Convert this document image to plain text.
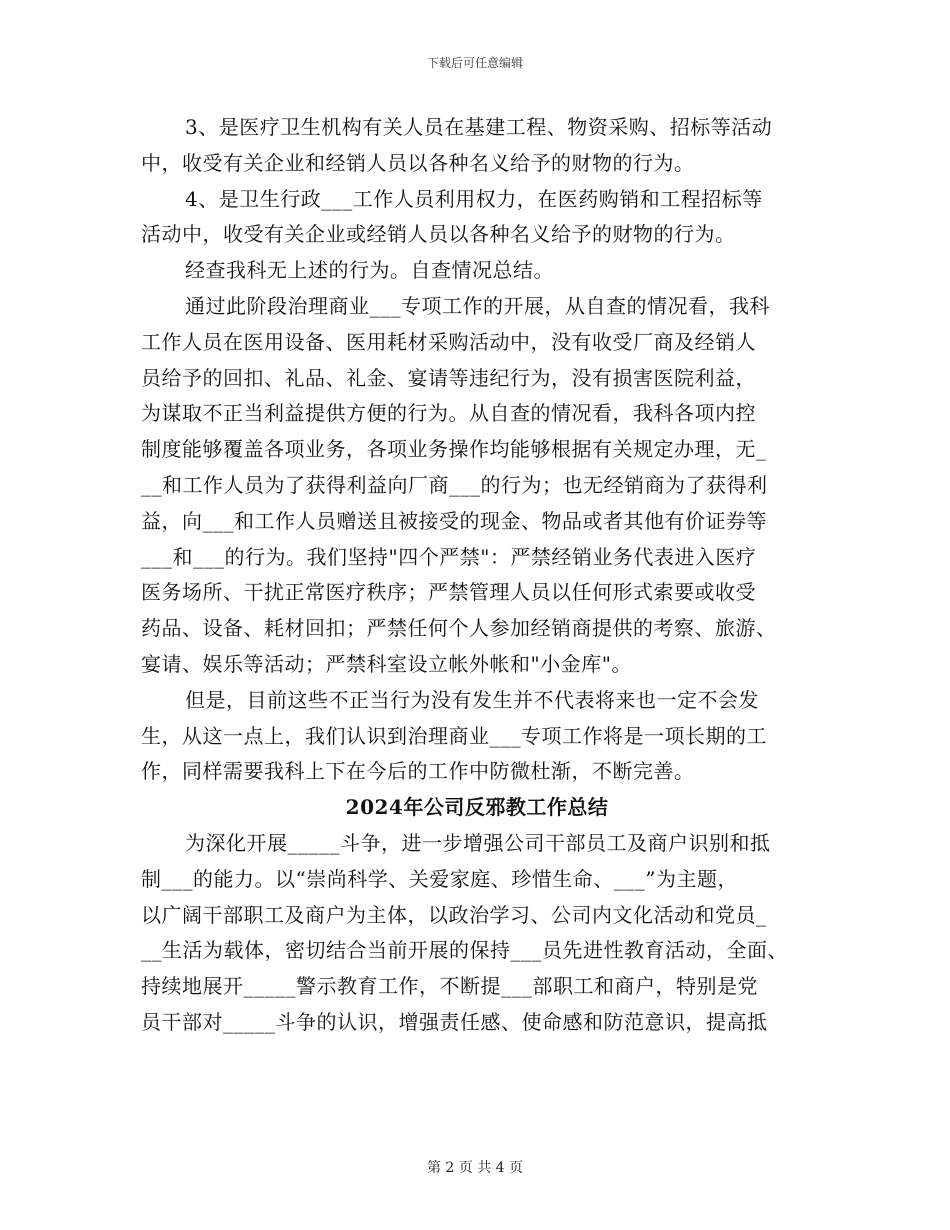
下载后可任意编辑
3、是医疗卫生机构有关人员在基建工程、物资采购、招标等活动
中，收受有关企业和经销人员以各种名义给予的财物的行为。
4、是卫生行政___工作人员利用权力，在医药购销和工程招标等
活动中，收受有关企业或经销人员以各种名义给予的财物的行为。
经查我科无上述的行为。自查情况总结。
通过此阶段治理商业___专项工作的开展，从自查的情况看，我科
工作人员在医用设备、医用耗材采购活动中，没有收受厂商及经销人
员给予的回扣、礼品、礼金、宴请等违纪行为，没有损害医院利益，
为谋取不正当利益提供方便的行为。从自查的情况看，我科各项内控
制度能够覆盖各项业务，各项业务操作均能够根据有关规定办理，无_
__和工作人员为了获得利益向厂商___的行为；也无经销商为了获得利
益，向___和工作人员赠送且被接受的现金、物品或者其他有价证券等
___和___的行为。我们坚持"四个严禁"：严禁经销业务代表进入医疗
医务场所、干扰正常医疗秩序；严禁管理人员以任何形式索要或收受
药品、设备、耗材回扣；严禁任何个人参加经销商提供的考察、旅游、
宴请、娱乐等活动；严禁科室设立帐外帐和"小金库"。
但是，目前这些不正当行为没有发生并不代表将来也一定不会发
生，从这一点上，我们认识到治理商业___专项工作将是一项长期的工
作，同样需要我科上下在今后的工作中防微杜渐，不断完善。
2024年公司反邪教工作总结
为深化开展_____斗争，进一步增强公司干部员工及商户识别和抵
制___的能力。以“崇尚科学、关爱家庭、珍惜生命、___”为主题，
以广阔干部职工及商户为主体，以政治学习、公司内文化活动和党员_
__生活为载体，密切结合当前开展的保持___员先进性教育活动，全面、
持续地展开_____警示教育工作，不断提___部职工和商户，特别是党
员干部对_____斗争的认识，增强责任感、使命感和防范意识，提高抵
第 2 页 共 4 页
